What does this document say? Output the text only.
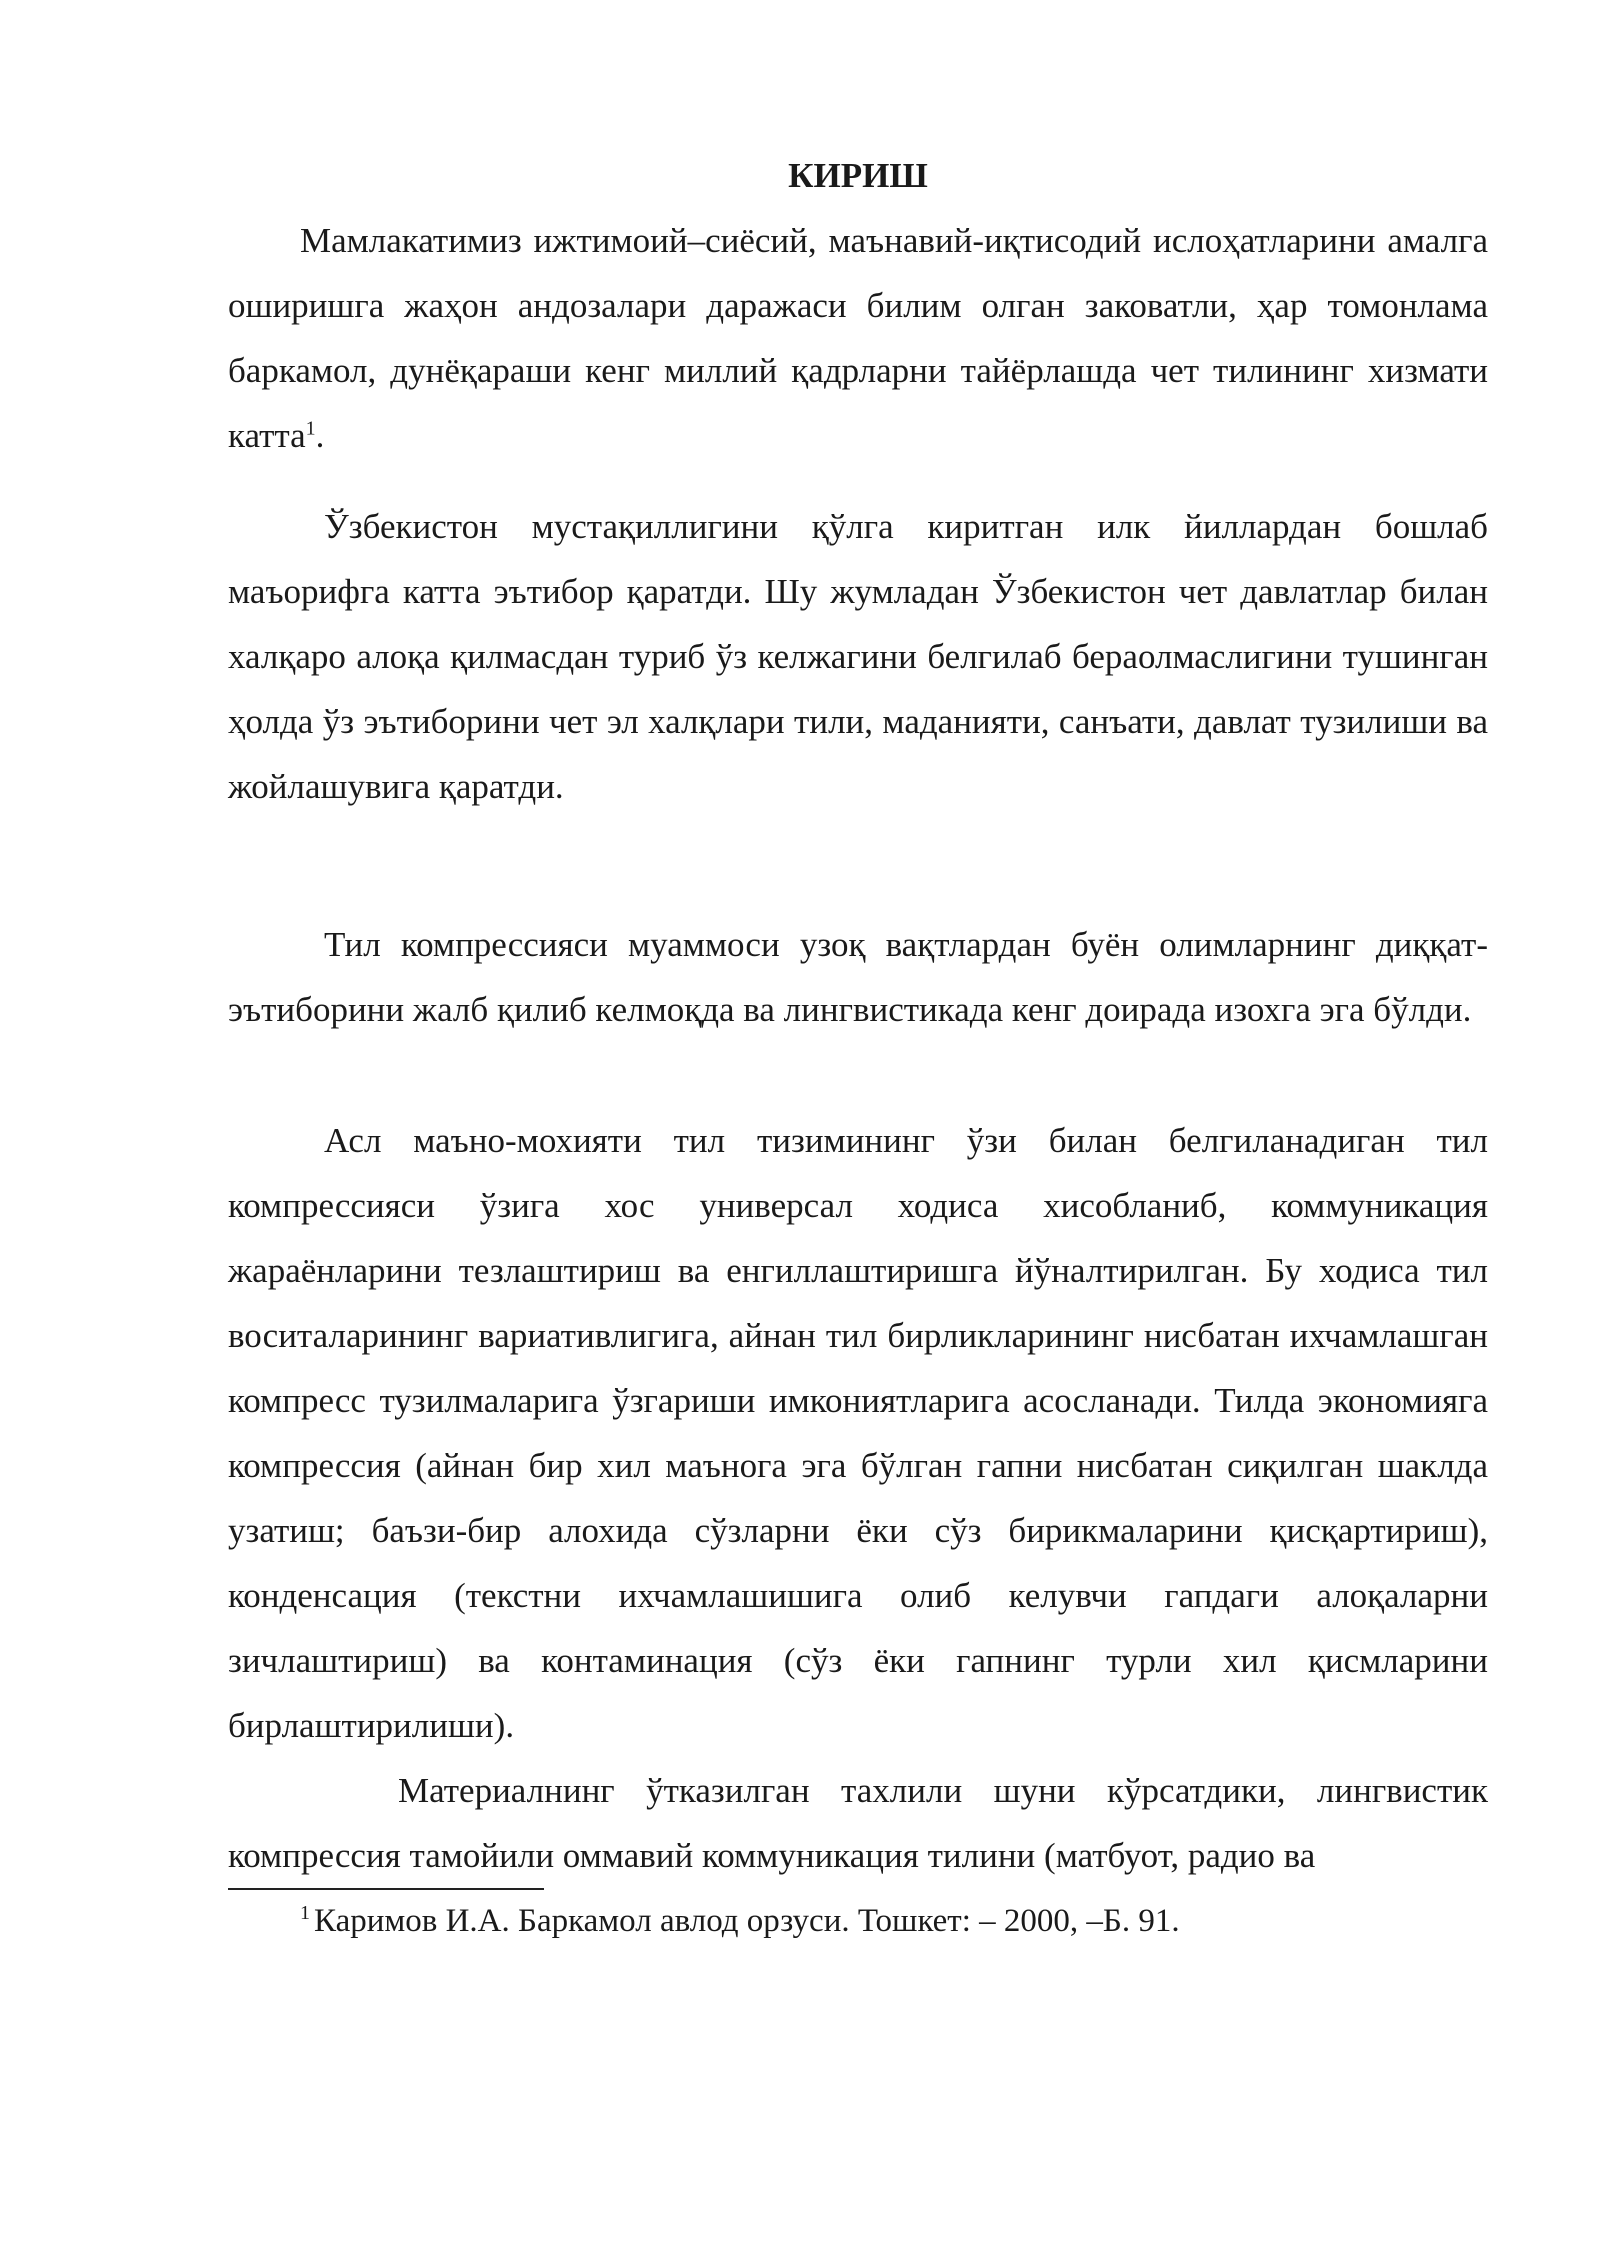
КИРИШ
Мамлакатимиз ижтимоий–сиёсий, маънавий-иқтисодий ислоҳатларини амалга оширишга жаҳон андозалари даражаси билим олган заковатли, ҳар томонлама баркамол, дунёқараши кенг миллий қадрларни тайёрлашда чет тилининг хизмати катта$^1$.
Ўзбекистон мустақиллигини қўлга киритган илк йиллардан бошлаб маъорифга катта эътибор қаратди. Шу жумладан Ўзбекистон чет давлатлар билан халқаро алоқа қилмасдан туриб ўз келжагини белгилаб бераолмаслигини тушинган ҳолда ўз эътиборини чет эл халқлари тили, маданияти, санъати, давлат тузилиши ва жойлашувига қаратди.
Тил компрессияси муаммоси узоқ вақтлардан буён олимларнинг диққат-эътиборини жалб қилиб келмоқда ва лингвистикада кенг доирада изохга эга бўлди.
Асл маъно-мохияти тил тизимининг ўзи билан белгиланадиган тил компрессияси ўзига хос универсал ходиса хисобланиб, коммуникация жараёнларини тезлаштириш ва енгиллаштиришга йўналтирилган. Бу ходиса тил воситаларининг вариативлигига, айнан тил бирликларининг нисбатан ихчамлашган компресс тузилмаларига ўзгариши имкониятларига асосланади. Тилда экономияга компрессия (айнан бир хил маънога эга бўлган гапни нисбатан сиқилган шаклда узатиш; баъзи-бир алохида сўзларни ёки сўз бирикмаларини қисқартириш), конденсация (текстни ихчамлашишига олиб келувчи гапдаги алоқаларни зичлаштириш) ва контаминация (сўз ёки гапнинг турли хил қисмларини бирлаштирилиши).
Материалнинг ўтказилган тахлили шуни кўрсатдики, лингвистик компрессия тамойили оммавий коммуникация тилини (матбуот, радио ва
$^1$ Каримов И.А. Баркамол авлод орзуси. Тошкет: – 2000, –Б. 91.
